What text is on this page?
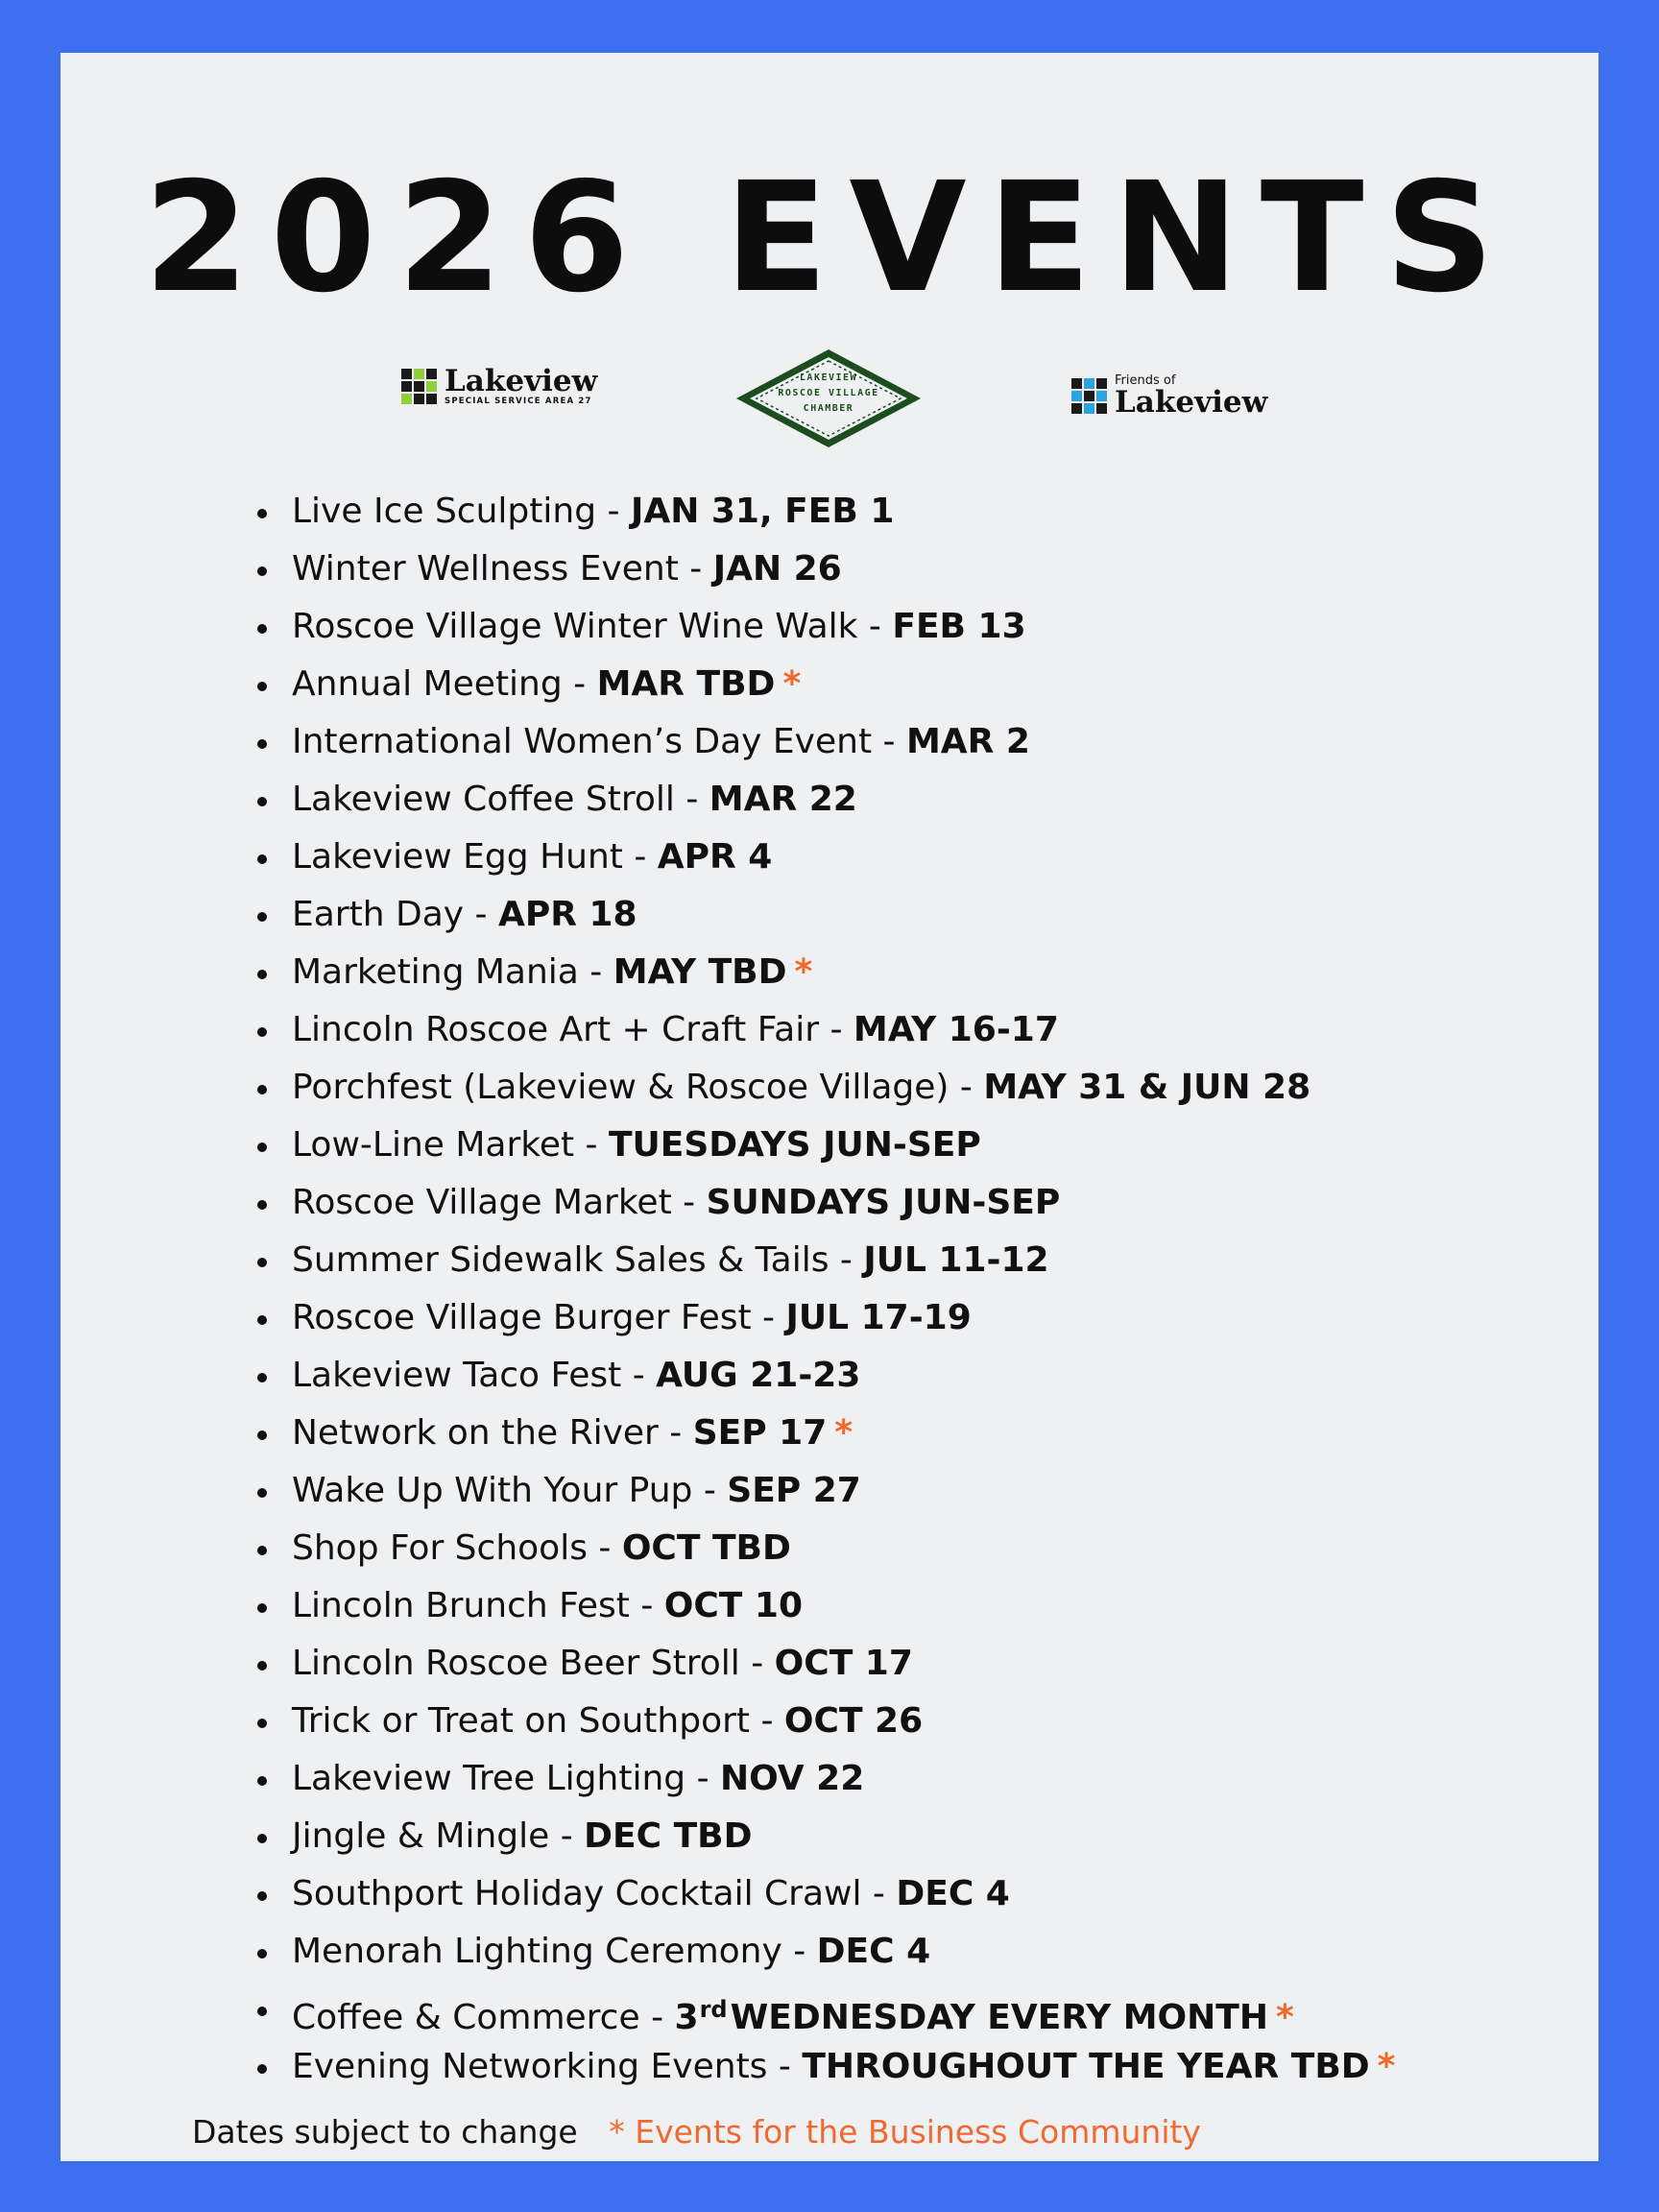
2026 EVENTS
Lakeview
SPECIAL SERVICE AREA 27
LAKEVIEW
ROSCOE VILLAGE
CHAMBER
Friends of
Lakeview
Live Ice Sculpting - JAN 31, FEB 1
Winter Wellness Event - JAN 26
Roscoe Village Winter Wine Walk - FEB 13
Annual Meeting - MAR TBD *
International Women’s Day Event - MAR 2
Lakeview Coffee Stroll - MAR 22
Lakeview Egg Hunt - APR 4
Earth Day - APR 18
Marketing Mania - MAY TBD *
Lincoln Roscoe Art + Craft Fair - MAY 16-17
Porchfest (Lakeview & Roscoe Village) - MAY 31 & JUN 28
Low-Line Market - TUESDAYS JUN-SEP
Roscoe Village Market - SUNDAYS JUN-SEP
Summer Sidewalk Sales & Tails - JUL 11-12
Roscoe Village Burger Fest - JUL 17-19
Lakeview Taco Fest - AUG 21-23
Network on the River - SEP 17 *
Wake Up With Your Pup - SEP 27
Shop For Schools - OCT TBD
Lincoln Brunch Fest - OCT 10
Lincoln Roscoe Beer Stroll - OCT 17
Trick or Treat on Southport - OCT 26
Lakeview Tree Lighting - NOV 22
Jingle & Mingle - DEC TBD
Southport Holiday Cocktail Crawl - DEC 4
Menorah Lighting Ceremony - DEC 4
Coffee & Commerce - 3rdWEDNESDAY EVERY MONTH *
Evening Networking Events - THROUGHOUT THE YEAR TBD *
Dates subject to change * Events for the Business Community
